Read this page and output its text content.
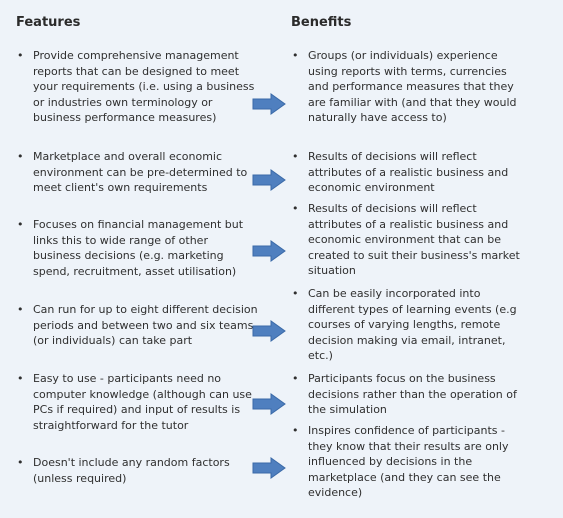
Features	Benefits
• Provide comprehensive management reports that can be designed to meet your requirements (i.e. using a business or industries own terminology or business performance measures)
• Marketplace and overall economic environment can be pre-determined to meet client's own requirements
• Focuses on financial management but links this to wide range of other business decisions (e.g. marketing spend, recruitment, asset utilisation)
• Can run for up to eight different decision periods and between two and six teams (or individuals) can take part
• Easy to use - participants need no computer knowledge (although can use PCs if required) and input of results is straightforward for the tutor
• Doesn't include any random factors (unless required)
• Groups (or individuals) experience using reports with terms, currencies and performance measures that they are familiar with (and that they would naturally have access to)
• Results of decisions will reflect attributes of a realistic business and economic environment
• Results of decisions will reflect attributes of a realistic business and economic environment that can be created to suit their business's market situation
• Can be easily incorporated into different types of learning events (e.g courses of varying lengths, remote decision making via email, intranet, etc.)
• Participants focus on the business decisions rather than the operation of the simulation
• Inspires confidence of participants - they know that their results are only influenced by decisions in the marketplace (and they can see the evidence)
